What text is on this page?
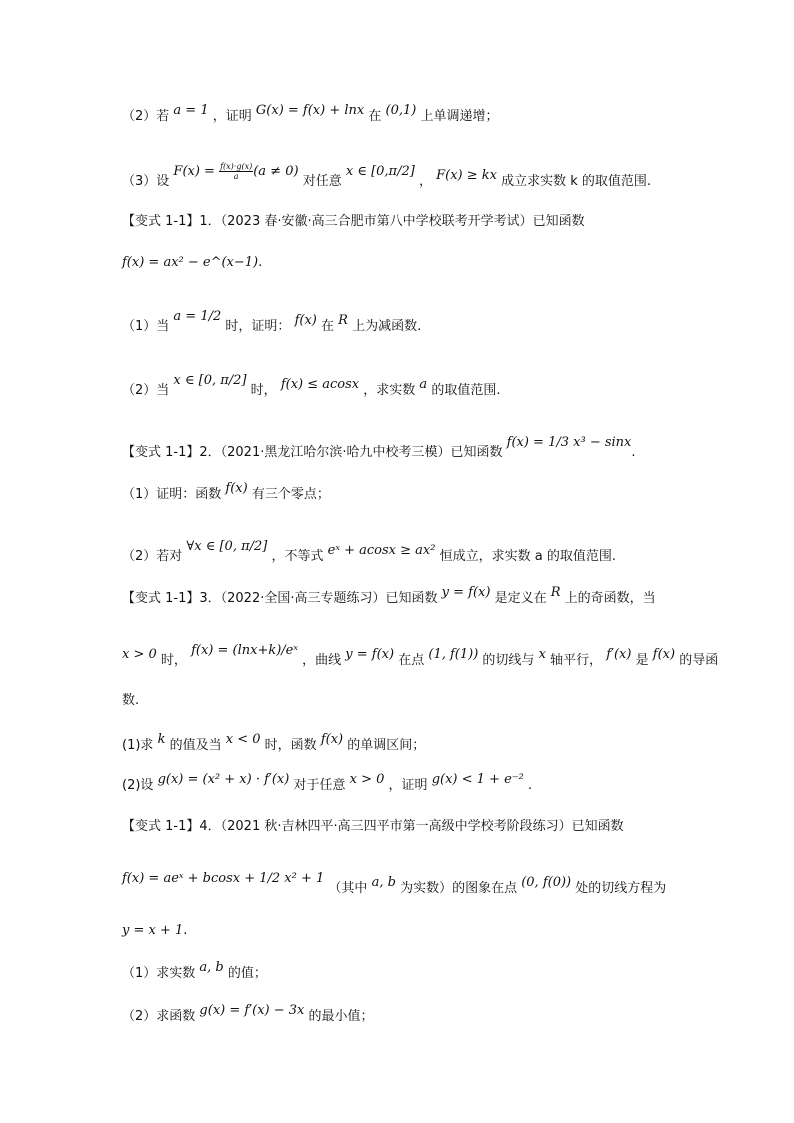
（2）若 a = 1 ，证明 G(x) = f(x) + lnx 在 (0,1) 上单调递增；
（3）设 $F(x) = \frac{f(x)\cdot g(x)}{a} (a \ne 0)$ 对任意 x ∈ [0,π/2] ， F(x) ≥ kx 成立求实数 k 的取值范围.
【变式 1-1】1．（2023 春·安徽·高三合肥市第八中学校联考开学考试）已知函数
f(x) = ax² − e^(x−1).
（1）当 a = 1/2 时，证明： f(x) 在 R 上为减函数.
（2）当 x ∈ [0, π/2] 时， f(x) ≤ acosx ，求实数 a 的取值范围.
【变式 1-1】2．（2021·黑龙江哈尔滨·哈九中校考三模）已知函数 f(x) = 1/3 x³ − sinx.
（1）证明：函数 f(x) 有三个零点；
（2）若对 ∀x ∈ [0, π/2] ，不等式 eˣ + acosx ≥ ax² 恒成立，求实数 a 的取值范围.
【变式 1-1】3．（2022·全国·高三专题练习）已知函数 y = f(x) 是定义在 R 上的奇函数，当
x > 0 时， f(x) = (lnx+k)/eˣ ，曲线 y = f(x) 在点 (1, f(1)) 的切线与 x 轴平行， f′(x) 是 f(x) 的导函
数.
(1)求 k 的值及当 x < 0 时，函数 f(x) 的单调区间；
(2)设 g(x) = (x² + x) · f′(x) 对于任意 x > 0 ，证明 g(x) < 1 + e⁻² .
【变式 1-1】4．（2021 秋·吉林四平·高三四平市第一高级中学校考阶段练习）已知函数
f(x) = aeˣ + bcosx + 1/2 x² + 1 （其中 a, b 为实数）的图象在点 (0, f(0)) 处的切线方程为
y = x + 1.
（1）求实数 a, b 的值；
（2）求函数 g(x) = f′(x) − 3x 的最小值；
